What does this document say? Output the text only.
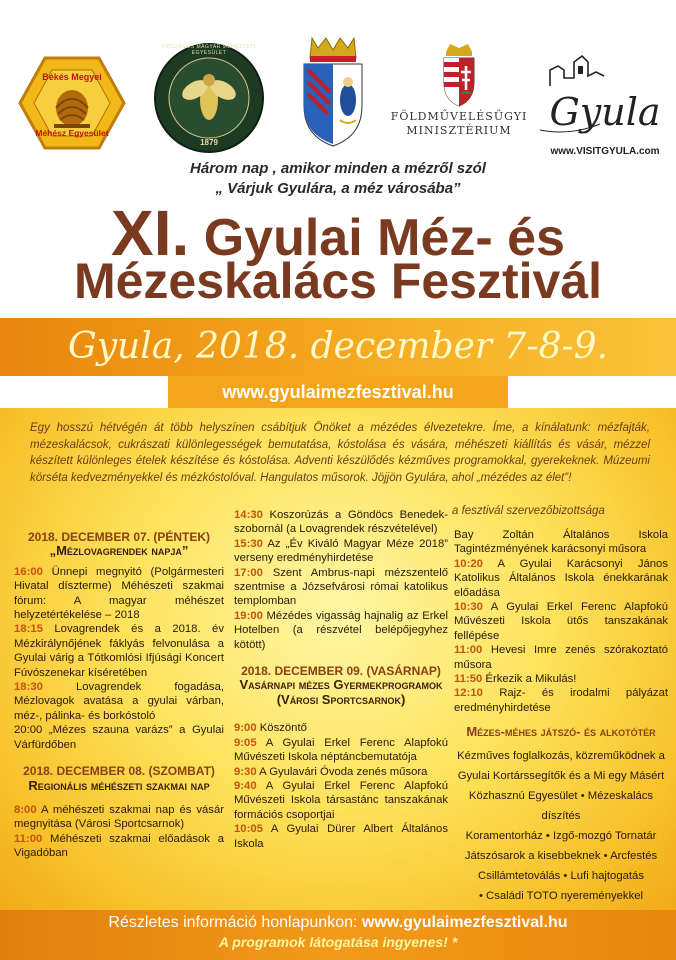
Békés Megyei
Méhész Egyesület
ORSZÁGOS MAGYAR MÉHÉSZETI EGYESÜLET
1879
FÖLDMŰVELÉSÜGYI
MINISZTÉRIUM Gyula
www.VISITGYULA.com
Három nap , amikor minden a mézről szól
„ Várjuk Gyulára, a méz városába”
XI. Gyulai Méz- és
Mézeskalács Fesztivál
Gyula, 2018. december 7-8-9.
www.gyulaimezfesztival.hu
Egy hosszú hétvégén át több helyszínen csábítjuk Önöket a mézédes élvezetekre. Íme, a kínálatunk: mézfajták, mézeskalácsok, cukrászati különlegességek bemutatása, kóstolása és vására, méhészeti kiállítás és vásár, mézzel készített különleges ételek készítése és kóstolása. Adventi készülődés kézműves programokkal, gyerekeknek. Múzeumi körséta kedvezményekkel és mézkóstolóval. Hangulatos műsorok. Jöjjön Gyulára, ahol „mézédes az élet”!
a fesztivál szervezőbizottsága
2018. DECEMBER 07. (PÉNTEK)
„Mézlovagrendek napja”
16:00 Ünnepi megnyitó (Polgármesteri Hivatal díszterme) Méhészeti szakmai fórum: A magyar méhészet helyzetértékelése – 2018
18:15 Lovagrendek és a 2018. év Mézkirálynőjének fáklyás felvonulása a Gyulai várig a Tótkomlósi Ifjúsági Koncert Fúvószenekar kíséretében
18:30 Lovagrendek fogadása, Mézlovagok avatása a gyulai várban, méz-, pálinka- és borkóstoló
20:00 „Mézes szauna varázs” a Gyulai Várfürdőben
2018. DECEMBER 08. (SZOMBAT)
Regionális méhészeti szakmai nap
8:00 A méhészeti szakmai nap és vásár megnyitása (Városi Sportcsarnok)
11:00 Méhészeti szakmai előadások a Vigadóban
14:30 Koszorúzás a Göndöcs Benedek-szobornál (a Lovagrendek részvételével)
15:30 Az „Év Kiváló Magyar Méze 2018” verseny eredményhirdetése
17:00 Szent Ambrus-napi mézszentelő szentmise a Józsefvárosi római katolikus templomban
19:00 Mézédes vigasság hajnalig az Erkel Hotelben (a részvétel belépőjegyhez kötött)
2018. DECEMBER 09. (VASÁRNAP)
Vasárnapi mézes Gyermekprogramok
(Városi Sportcsarnok)
9:00 Köszöntő
9:05 A Gyulai Erkel Ferenc Alapfokú Művészeti Iskola néptáncbemutatója
9:30 A Gyulavári Óvoda zenés műsora
9:40 A Gyulai Erkel Ferenc Alapfokú Művészeti Iskola társastánc tanszakának formációs csoportjai
10:05 A Gyulai Dürer Albert Általános Iskola
Bay Zoltán Általános Iskola Tagintézményének karácsonyi műsora
10:20 A Gyulai Karácsonyi János Katolikus Általános Iskola énekkarának előadása
10:30 A Gyulai Erkel Ferenc Alapfokú Művészeti Iskola ütős tanszakának fellépése
11:00 Hevesi Imre zenés szórakoztató műsora
11:50 Érkezik a Mikulás!
12:10 Rajz- és irodalmi pályázat eredményhirdetése
Mézes-méhes játszó- és alkotótér
Kézműves foglalkozás, közreműködnek a
Gyulai Kortárssegítők és a Mi egy Másért
Közhasznú Egyesület • Mézeskalács díszítés
Koramentorház • Izgő-mozgó Tornatár
Játszósarok a kisebbeknek • Arcfestés
Csillámtetoválás • Lufi hajtogatás
• Családi TOTO nyereményekkel
Részletes információ honlapunkon: www.gyulaimezfesztival.hu
A programok látogatása ingyenes! *
